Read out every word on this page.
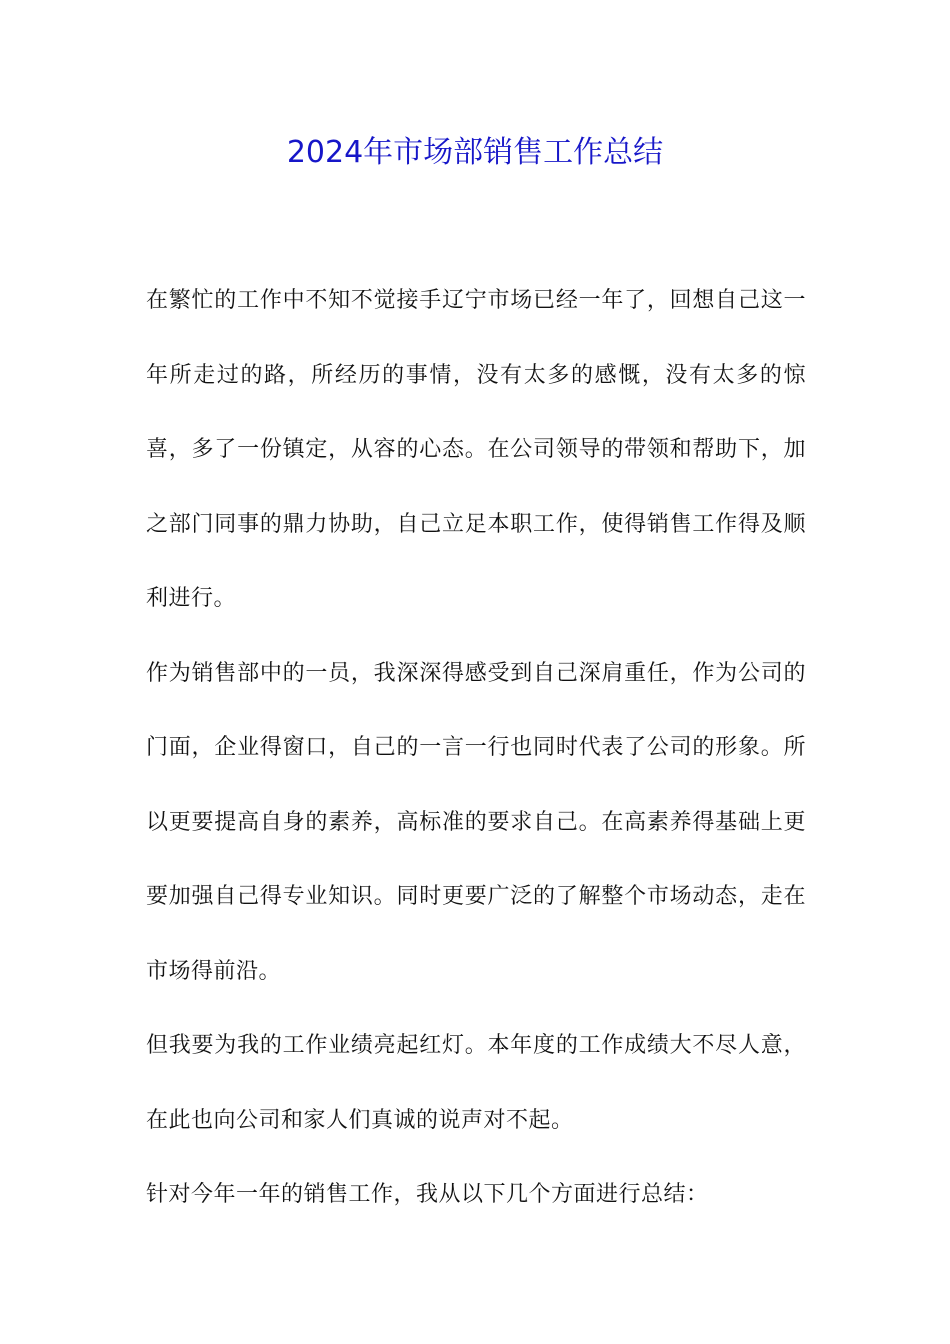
2024年市场部销售工作总结

在繁忙的工作中不知不觉接手辽宁市场已经一年了，回想自己这一年所走过的路，所经历的事情，没有太多的感慨，没有太多的惊喜，多了一份镇定，从容的心态。在公司领导的带领和帮助下，加之部门同事的鼎力协助，自己立足本职工作，使得销售工作得及顺利进行。

作为销售部中的一员，我深深得感受到自己深肩重任，作为公司的门面，企业得窗口，自己的一言一行也同时代表了公司的形象。所以更要提高自身的素养，高标准的要求自己。在高素养得基础上更要加强自己得专业知识。同时更要广泛的了解整个市场动态，走在市场得前沿。

但我要为我的工作业绩亮起红灯。本年度的工作成绩大不尽人意，在此也向公司和家人们真诚的说声对不起。

针对今年一年的销售工作，我从以下几个方面进行总结：
